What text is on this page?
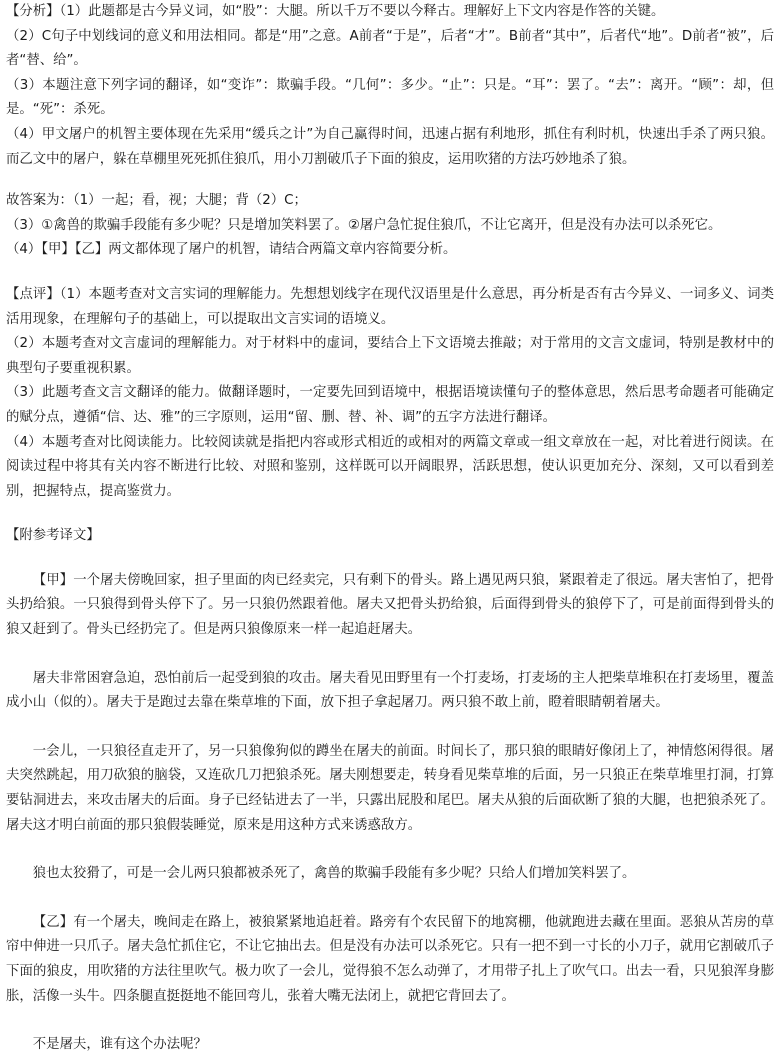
【分析】（1）此题都是古今异义词，如“股”：大腿。所以千万不要以今释古。理解好上下文内容是作答的关键。

（2）C句子中划线词的意义和用法相同。都是“用”之意。A前者“于是”，后者“才”。B前者“其中”，后者代“地”。D前者“被”，后者“替、给”。

（3）本题注意下列字词的翻译，如“变诈”：欺骗手段。“几何”：多少。“止”：只是。“耳”：罢了。“去”：离开。“顾”：却，但是。“死”：杀死。

（4）甲文屠户的机智主要体现在先采用“缓兵之计”为自己赢得时间，迅速占据有利地形，抓住有利时机，快速出手杀了两只狼。而乙文中的屠户，躲在草棚里死死抓住狼爪，用小刀割破爪子下面的狼皮，运用吹猪的方法巧妙地杀了狼。

故答案为：（1）一起；看，视；大腿；背（2）C；

（3）①禽兽的欺骗手段能有多少呢？只是增加笑料罢了。②屠户急忙捉住狼爪，不让它离开，但是没有办法可以杀死它。

（4）【甲】【乙】两文都体现了屠户的机智，请结合两篇文章内容简要分析。

【点评】（1）本题考查对文言实词的理解能力。先想想划线字在现代汉语里是什么意思，再分析是否有古今异义、一词多义、词类活用现象，在理解句子的基础上，可以提取出文言实词的语境义。

（2）本题考查对文言虚词的理解能力。对于材料中的虚词，要结合上下文语境去推敲；对于常用的文言文虚词，特别是教材中的典型句子要重视积累。

（3）此题考查文言文翻译的能力。做翻译题时，一定要先回到语境中，根据语境读懂句子的整体意思，然后思考命题者可能确定的赋分点，遵循“信、达、雅”的三字原则，运用“留、删、替、补、调”的五字方法进行翻译。

（4）本题考查对比阅读能力。比较阅读就是指把内容或形式相近的或相对的两篇文章或一组文章放在一起，对比着进行阅读。在阅读过程中将其有关内容不断进行比较、对照和鉴别，这样既可以开阔眼界，活跃思想，使认识更加充分、深刻，又可以看到差别，把握特点，提高鉴赏力。

【附参考译文】

【甲】一个屠夫傍晚回家，担子里面的肉已经卖完，只有剩下的骨头。路上遇见两只狼，紧跟着走了很远。屠夫害怕了，把骨头扔给狼。一只狼得到骨头停下了。另一只狼仍然跟着他。屠夫又把骨头扔给狼，后面得到骨头的狼停下了，可是前面得到骨头的狼又赶到了。骨头已经扔完了。但是两只狼像原来一样一起追赶屠夫。

屠夫非常困窘急迫，恐怕前后一起受到狼的攻击。屠夫看见田野里有一个打麦场，打麦场的主人把柴草堆积在打麦场里，覆盖成小山（似的）。屠夫于是跑过去靠在柴草堆的下面，放下担子拿起屠刀。两只狼不敢上前，瞪着眼睛朝着屠夫。

一会儿，一只狼径直走开了，另一只狼像狗似的蹲坐在屠夫的前面。时间长了，那只狼的眼睛好像闭上了，神情悠闲得很。屠夫突然跳起，用刀砍狼的脑袋，又连砍几刀把狼杀死。屠夫刚想要走，转身看见柴草堆的后面，另一只狼正在柴草堆里打洞，打算要钻洞进去，来攻击屠夫的后面。身子已经钻进去了一半，只露出屁股和尾巴。屠夫从狼的后面砍断了狼的大腿，也把狼杀死了。屠夫这才明白前面的那只狼假装睡觉，原来是用这种方式来诱惑敌方。

狼也太狡猾了，可是一会儿两只狼都被杀死了，禽兽的欺骗手段能有多少呢？只给人们增加笑料罢了。

【乙】有一个屠夫，晚间走在路上，被狼紧紧地追赶着。路旁有个农民留下的地窝棚，他就跑进去藏在里面。恶狼从苫房的草帘中伸进一只爪子。屠夫急忙抓住它，不让它抽出去。但是没有办法可以杀死它。只有一把不到一寸长的小刀子，就用它割破爪子下面的狼皮，用吹猪的方法往里吹气。极力吹了一会儿，觉得狼不怎么动弹了，才用带子扎上了吹气口。出去一看，只见狼浑身膨胀，活像一头牛。四条腿直挺挺地不能回弯儿，张着大嘴无法闭上，就把它背回去了。

不是屠夫，谁有这个办法呢？
